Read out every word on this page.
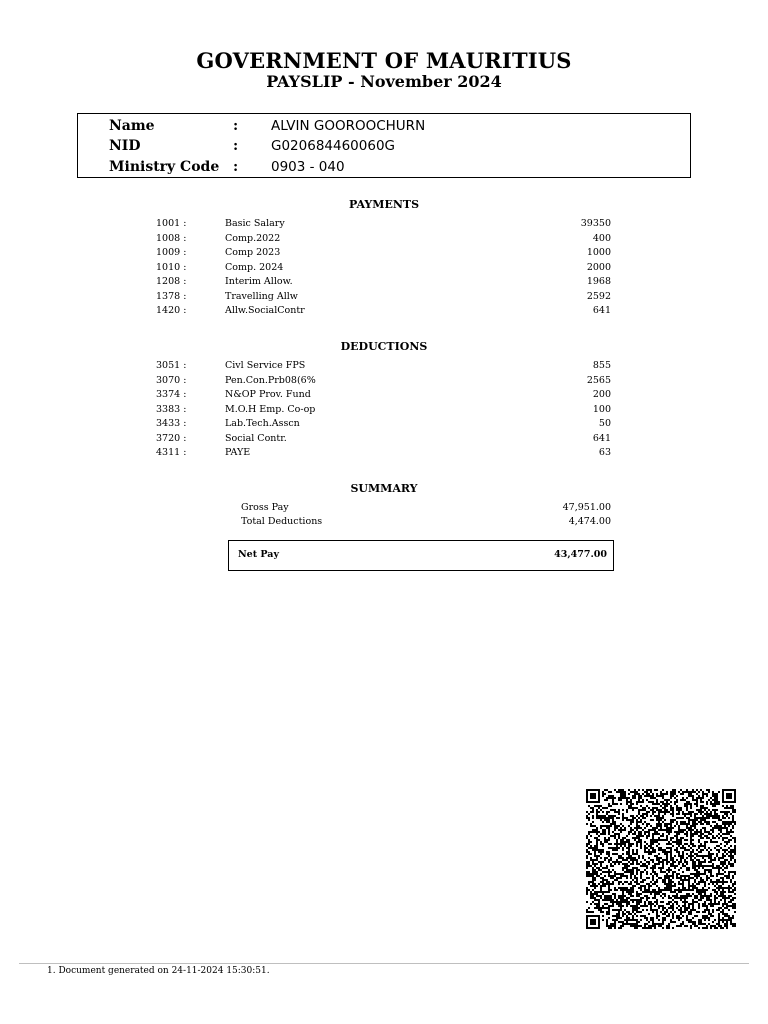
GOVERNMENT OF MAURITIUS
PAYSLIP - November 2024
Name	: ALVIN GOOROOCHURN
NID	: G020684460060G
Ministry Code : 0903 - 040
PAYMENTS
1001 :	Basic Salary	39350
1008 :	Comp.2022	400
1009 :	Comp 2023	1000
1010 :	Comp. 2024	2000
1208 :	Interim Allow.	1968
1378 :	Travelling Allw	2592
1420 :	Allw.SocialContr	641
DEDUCTIONS
3051 :	Civl Service FPS	855
3070 :	Pen.Con.Prb08(6%	2565
3374 :	N&OP Prov. Fund	200
3383 :	M.O.H Emp. Co-op	100
3433 :	Lab.Tech.Asscn	50
3720 :	Social Contr.	641
4311 :	PAYE	63
SUMMARY
Gross Pay	47,951.00
Total Deductions	4,474.00
Net Pay	43,477.00
1. Document generated on 24-11-2024 15:30:51.
